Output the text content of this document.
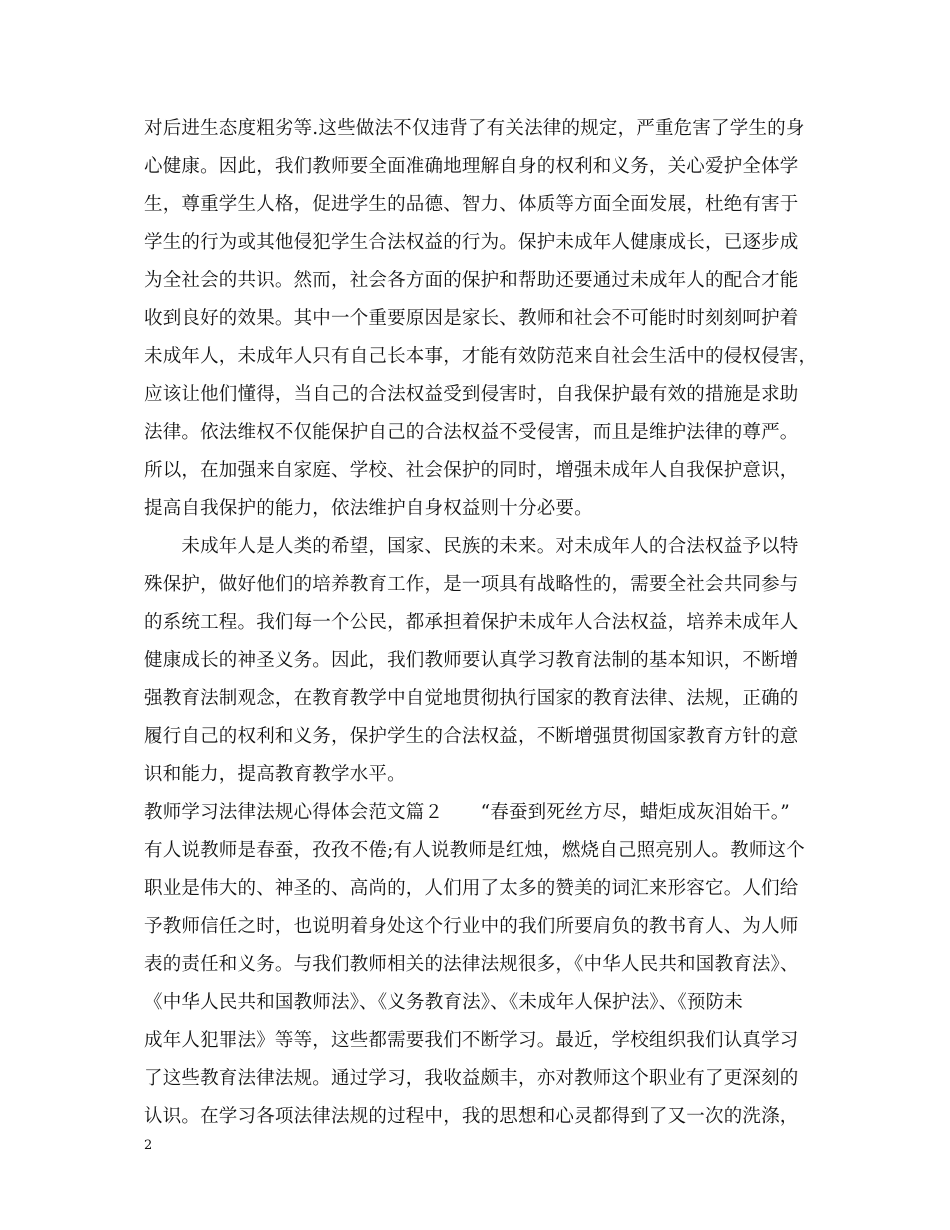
对后进生态度粗劣等.这些做法不仅违背了有关法律的规定，严重危害了学生的身
心健康。因此，我们教师要全面准确地理解自身的权利和义务，关心爱护全体学
生，尊重学生人格，促进学生的品德、智力、体质等方面全面发展，杜绝有害于
学生的行为或其他侵犯学生合法权益的行为。保护未成年人健康成长，已逐步成
为全社会的共识。然而，社会各方面的保护和帮助还要通过未成年人的配合才能
收到良好的效果。其中一个重要原因是家长、教师和社会不可能时时刻刻呵护着
未成年人，未成年人只有自己长本事，才能有效防范来自社会生活中的侵权侵害，
应该让他们懂得，当自己的合法权益受到侵害时，自我保护最有效的措施是求助
法律。依法维权不仅能保护自己的合法权益不受侵害，而且是维护法律的尊严。
所以，在加强来自家庭、学校、社会保护的同时，增强未成年人自我保护意识，
提高自我保护的能力，依法维护自身权益则十分必要。
　　未成年人是人类的希望，国家、民族的未来。对未成年人的合法权益予以特
殊保护，做好他们的培养教育工作，是一项具有战略性的，需要全社会共同参与
的系统工程。我们每一个公民，都承担着保护未成年人合法权益，培养未成年人
健康成长的神圣义务。因此，我们教师要认真学习教育法制的基本知识，不断增
强教育法制观念，在教育教学中自觉地贯彻执行国家的教育法律、法规，正确的
履行自己的权利和义务，保护学生的合法权益，不断增强贯彻国家教育方针的意
识和能力，提高教育教学水平。
教师学习法律法规心得体会范文篇２　　“春蚕到死丝方尽，蜡炬成灰泪始干。”
有人说教师是春蚕，孜孜不倦;有人说教师是红烛，燃烧自己照亮别人。教师这个
职业是伟大的、神圣的、高尚的，人们用了太多的赞美的词汇来形容它。人们给
予教师信任之时，也说明着身处这个行业中的我们所要肩负的教书育人、为人师
表的责任和义务。与我们教师相关的法律法规很多，《中华人民共和国教育法》、
《中华人民共和国教师法》、《义务教育法》、《未成年人保护法》、《预防未
成年人犯罪法》等等，这些都需要我们不断学习。最近，学校组织我们认真学习
了这些教育法律法规。通过学习，我收益颇丰，亦对教师这个职业有了更深刻的
认识。在学习各项法律法规的过程中，我的思想和心灵都得到了又一次的洗涤，
2
